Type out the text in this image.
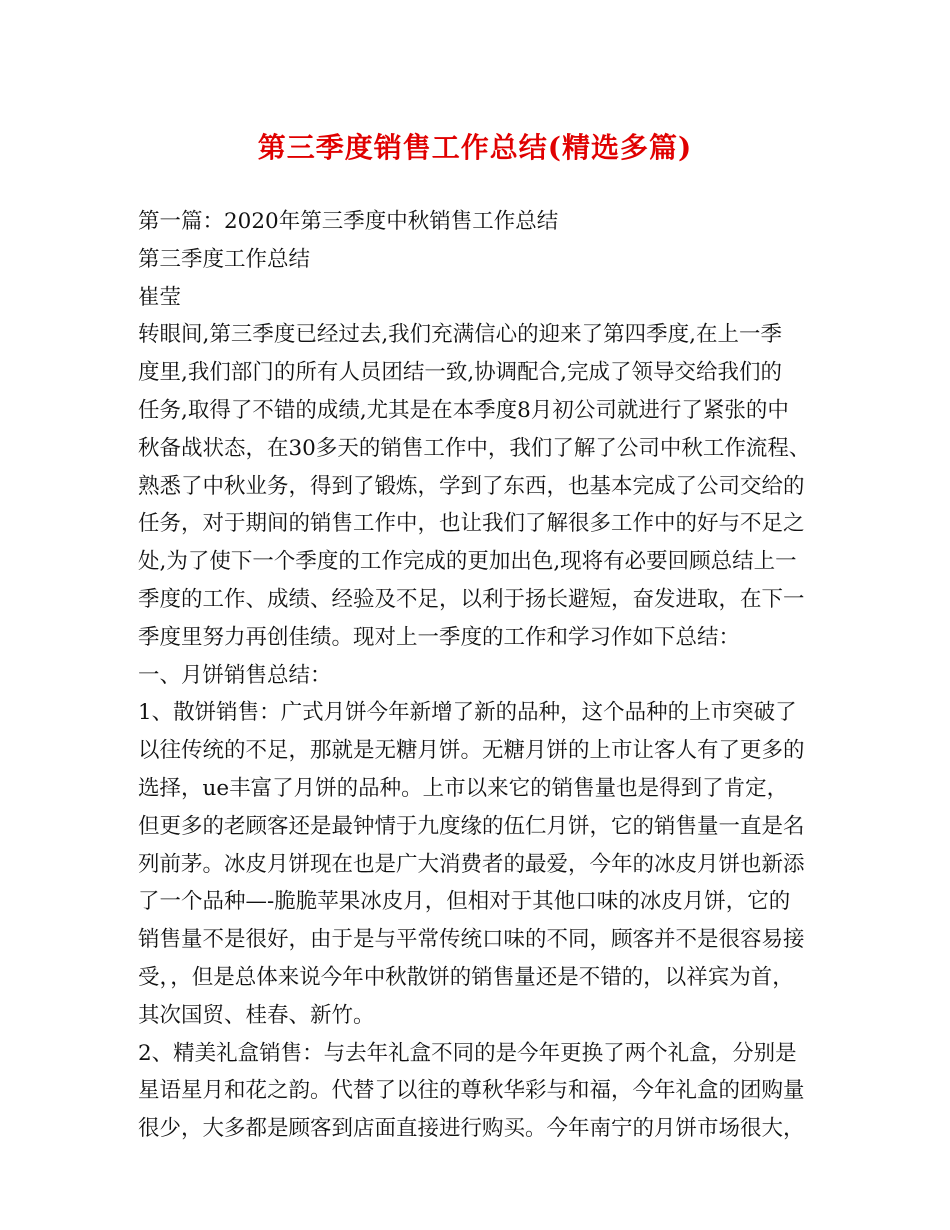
第三季度销售工作总结(精选多篇)
第一篇：2020年第三季度中秋销售工作总结
第三季度工作总结
崔莹
转眼间,第三季度已经过去,我们充满信心的迎来了第四季度,在上一季
度里,我们部门的所有人员团结一致,协调配合,完成了领导交给我们的
任务,取得了不错的成绩,尤其是在本季度8月初公司就进行了紧张的中
秋备战状态，在30多天的销售工作中，我们了解了公司中秋工作流程、
熟悉了中秋业务，得到了锻炼，学到了东西，也基本完成了公司交给的
任务，对于期间的销售工作中，也让我们了解很多工作中的好与不足之
处,为了使下一个季度的工作完成的更加出色,现将有必要回顾总结上一
季度的工作、成绩、经验及不足，以利于扬长避短，奋发进取，在下一
季度里努力再创佳绩。现对上一季度的工作和学习作如下总结：
一、月饼销售总结：
1、散饼销售：广式月饼今年新增了新的品种，这个品种的上市突破了
以往传统的不足，那就是无糖月饼。无糖月饼的上市让客人有了更多的
选择，ue丰富了月饼的品种。上市以来它的销售量也是得到了肯定，
但更多的老顾客还是最钟情于九度缘的伍仁月饼，它的销售量一直是名
列前茅。冰皮月饼现在也是广大消费者的最爱，今年的冰皮月饼也新添
了一个品种—-脆脆苹果冰皮月，但相对于其他口味的冰皮月饼，它的
销售量不是很好，由于是与平常传统口味的不同，顾客并不是很容易接
受，，但是总体来说今年中秋散饼的销售量还是不错的，以祥宾为首，
其次国贸、桂春、新竹。
2、精美礼盒销售：与去年礼盒不同的是今年更换了两个礼盒，分别是
星语星月和花之韵。代替了以往的尊秋华彩与和福，今年礼盒的团购量
很少，大多都是顾客到店面直接进行购买。今年南宁的月饼市场很大，
